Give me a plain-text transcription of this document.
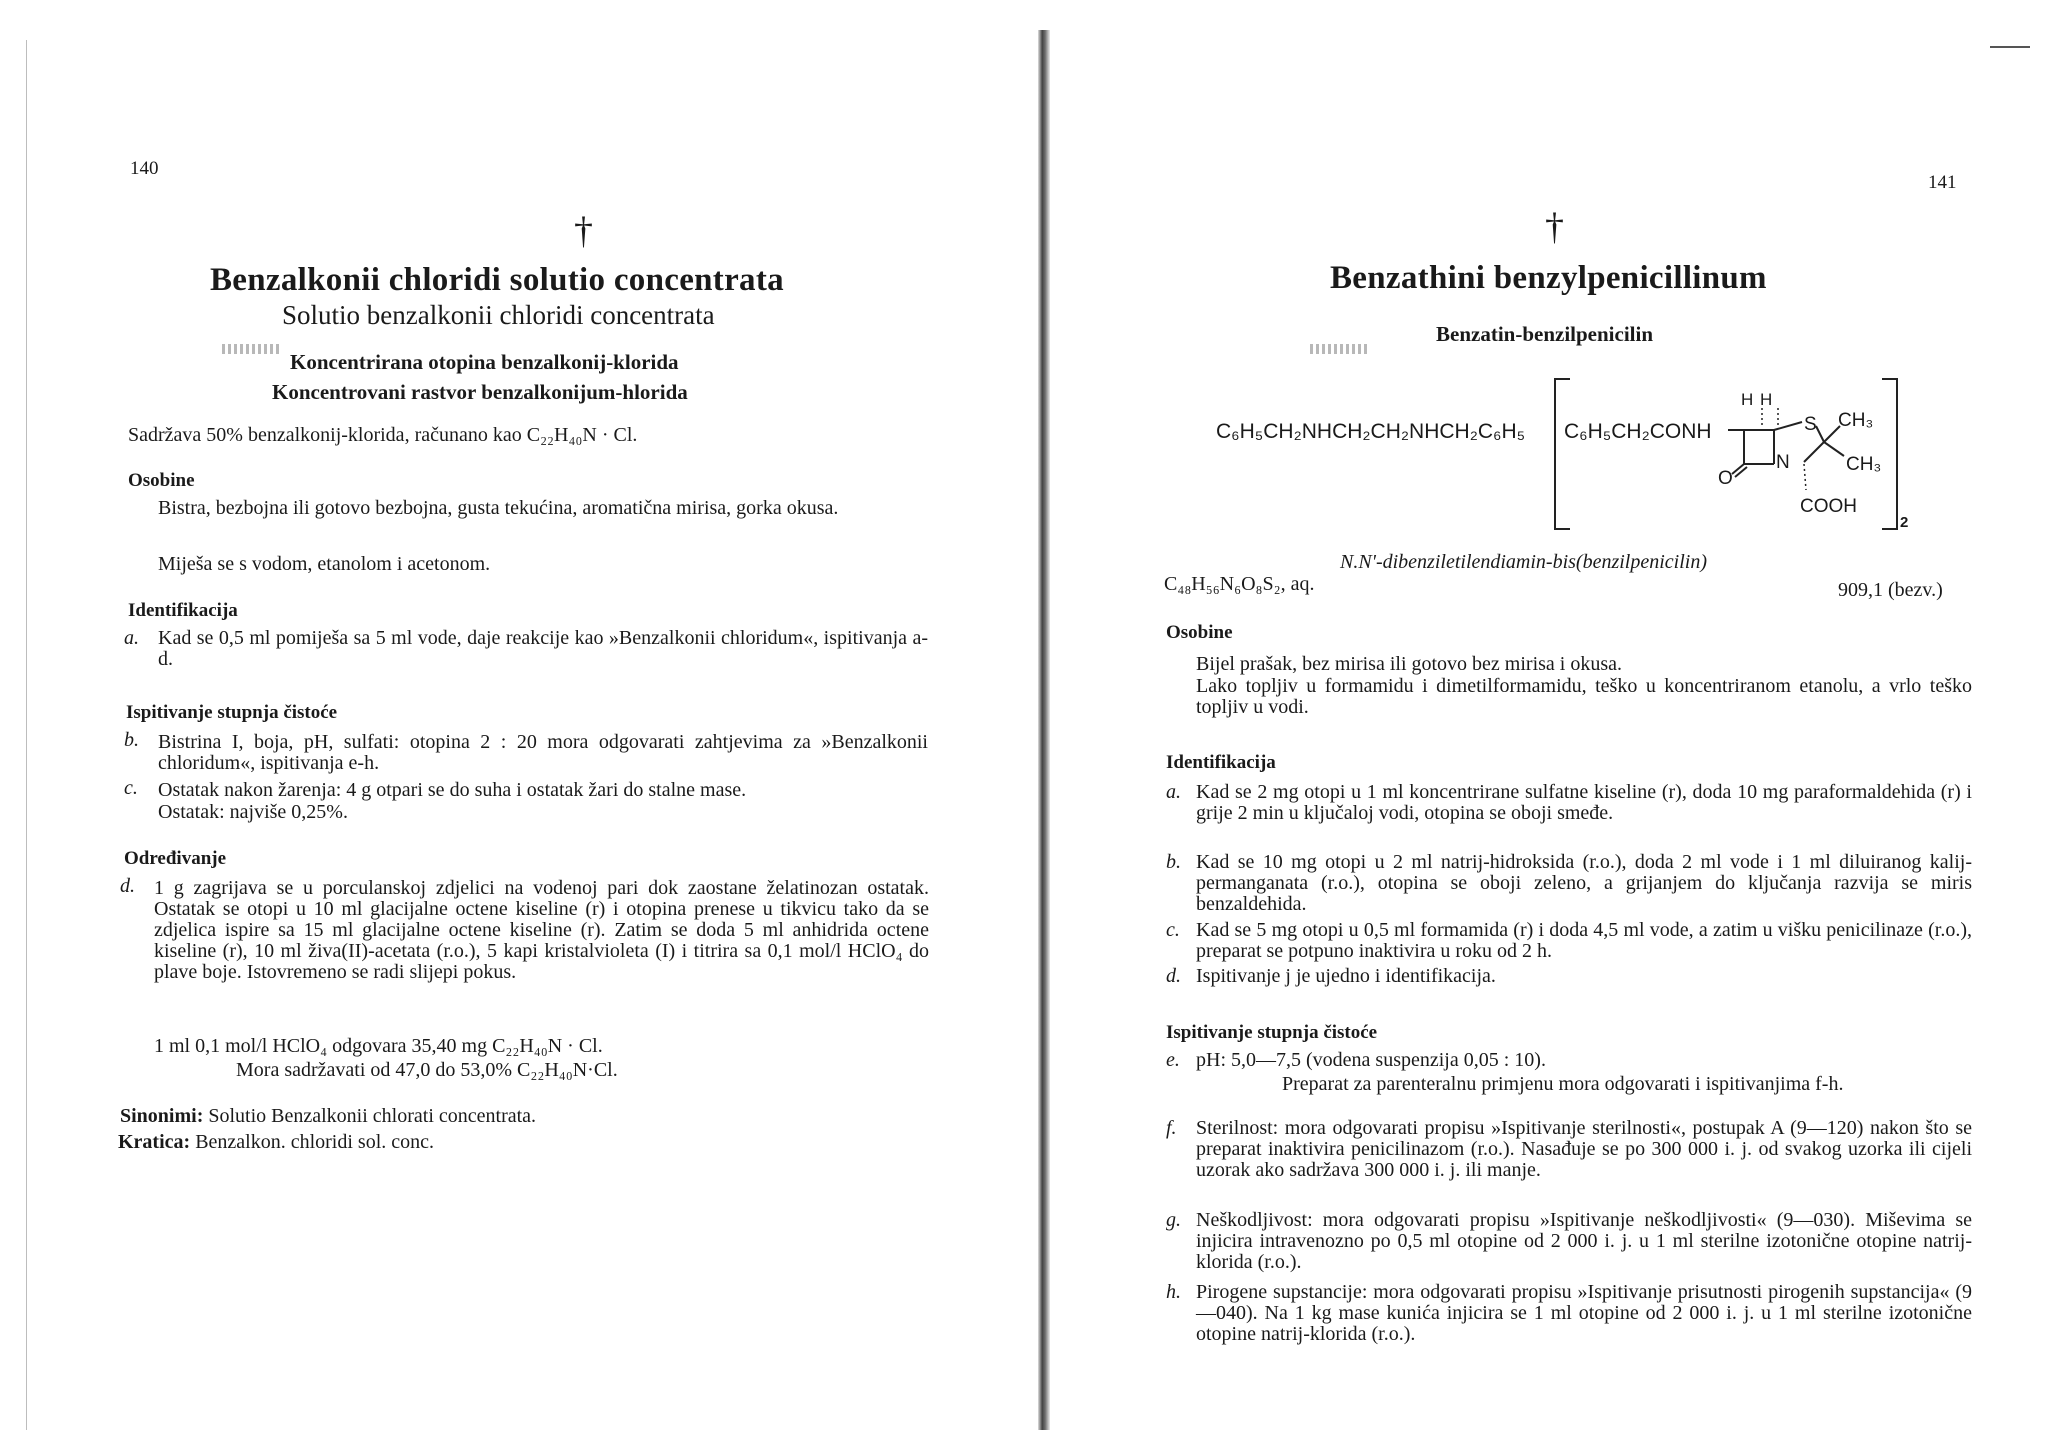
140
†
Benzalkonii chloridi solutio concentrata
Solutio benzalkonii chloridi concentrata
Koncentrirana otopina benzalkonij-klorida
Koncentrovani rastvor benzalkonijum-hlorida
Sadržava 50% benzalkonij-klorida, računano kao C₂₂H₄₀N · Cl.
Osobine
Bistra, bezbojna ili gotovo bezbojna, gusta tekućina, aromatična mirisa, gorka okusa.
Miješa se s vodom, etanolom i acetonom.
Identifikacija
a. Kad se 0,5 ml pomiješa sa 5 ml vode, daje reakcije kao »Benzalkonii chloridum«, ispitivanja a-d.
Ispitivanje stupnja čistoće
b. Bistrina I, boja, pH, sulfati: otopina 2 : 20 mora odgovarati zahtjevima za »Benzalkonii chloridum«, ispitivanja e-h.
c. Ostatak nakon žarenja: 4 g otpari se do suha i ostatak žari do stalne mase.
Ostatak: najviše 0,25%.
Određivanje
d. 1 g zagrijava se u porculanskoj zdjelici na vodenoj pari dok zaostane želatinozan ostatak. Ostatak se otopi u 10 ml glacijalne octene kiseline (r) i otopina prenese u tikvicu tako da se zdjelica ispire sa 15 ml glacijalne octene kiseline (r). Zatim se doda 5 ml anhidrida octene kiseline (r), 10 ml živa(II)-acetata (r.o.), 5 kapi kristalvioleta (I) i titrira sa 0,1 mol/l HClO₄ do plave boje. Istovremeno se radi slijepi pokus.
1 ml 0,1 mol/l HClO₄ odgovara 35,40 mg C₂₂H₄₀N · Cl.
Mora sadržavati od 47,0 do 53,0% C₂₂H₄₀N·Cl.
Sinonimi: Solutio Benzalkonii chlorati concentrata.
Kratica: Benzalkon. chloridi sol. conc.
141
†
Benzathini benzylpenicillinum
Benzatin-benzilpenicilin
C₆H₅CH₂NHCH₂CH₂NHCH₂C₆H₅
2
C₆H₅CH₂CONH
H H
S
N
O
CH₃
CH₃
COOH
N.N'-dibenziletilendiamin-bis(benzilpenicilin)
C₄₈H₅₆N₆O₈S₂, aq.	909,1 (bezv.)
Osobine
Bijel prašak, bez mirisa ili gotovo bez mirisa i okusa.
Lako topljiv u formamidu i dimetilformamidu, teško u koncentriranom etanolu, a vrlo teško topljiv u vodi.
Identifikacija
a. Kad se 2 mg otopi u 1 ml koncentrirane sulfatne kiseline (r), doda 10 mg paraformaldehida (r) i grije 2 min u ključaloj vodi, otopina se oboji smeđe.
b. Kad se 10 mg otopi u 2 ml natrij-hidroksida (r.o.), doda 2 ml vode i 1 ml diluiranog kalij-permanganata (r.o.), otopina se oboji zeleno, a grijanjem do ključanja razvija se miris benzaldehida.
c. Kad se 5 mg otopi u 0,5 ml formamida (r) i doda 4,5 ml vode, a zatim u višku penicilinaze (r.o.), preparat se potpuno inaktivira u roku od 2 h.
d. Ispitivanje j je ujedno i identifikacija.
Ispitivanje stupnja čistoće
e. pH: 5,0—7,5 (vodena suspenzija 0,05 : 10).
Preparat za parenteralnu primjenu mora odgovarati i ispitivanjima f-h.
f. Sterilnost: mora odgovarati propisu »Ispitivanje sterilnosti«, postupak A (9—120) nakon što se preparat inaktivira penicilinazom (r.o.). Nasađuje se po 300 000 i. j. od svakog uzorka ili cijeli uzorak ako sadržava 300 000 i. j. ili manje.
g. Neškodljivost: mora odgovarati propisu »Ispitivanje neškodljivosti« (9—030). Miševima se injicira intravenozno po 0,5 ml otopine od 2 000 i. j. u 1 ml sterilne izotonične otopine natrij-klorida (r.o.).
h. Pirogene supstancije: mora odgovarati propisu »Ispitivanje prisutnosti pirogenih supstancija« (9—040). Na 1 kg mase kunića injicira se 1 ml otopine od 2 000 i. j. u 1 ml sterilne izotonične otopine natrij-klorida (r.o.).
